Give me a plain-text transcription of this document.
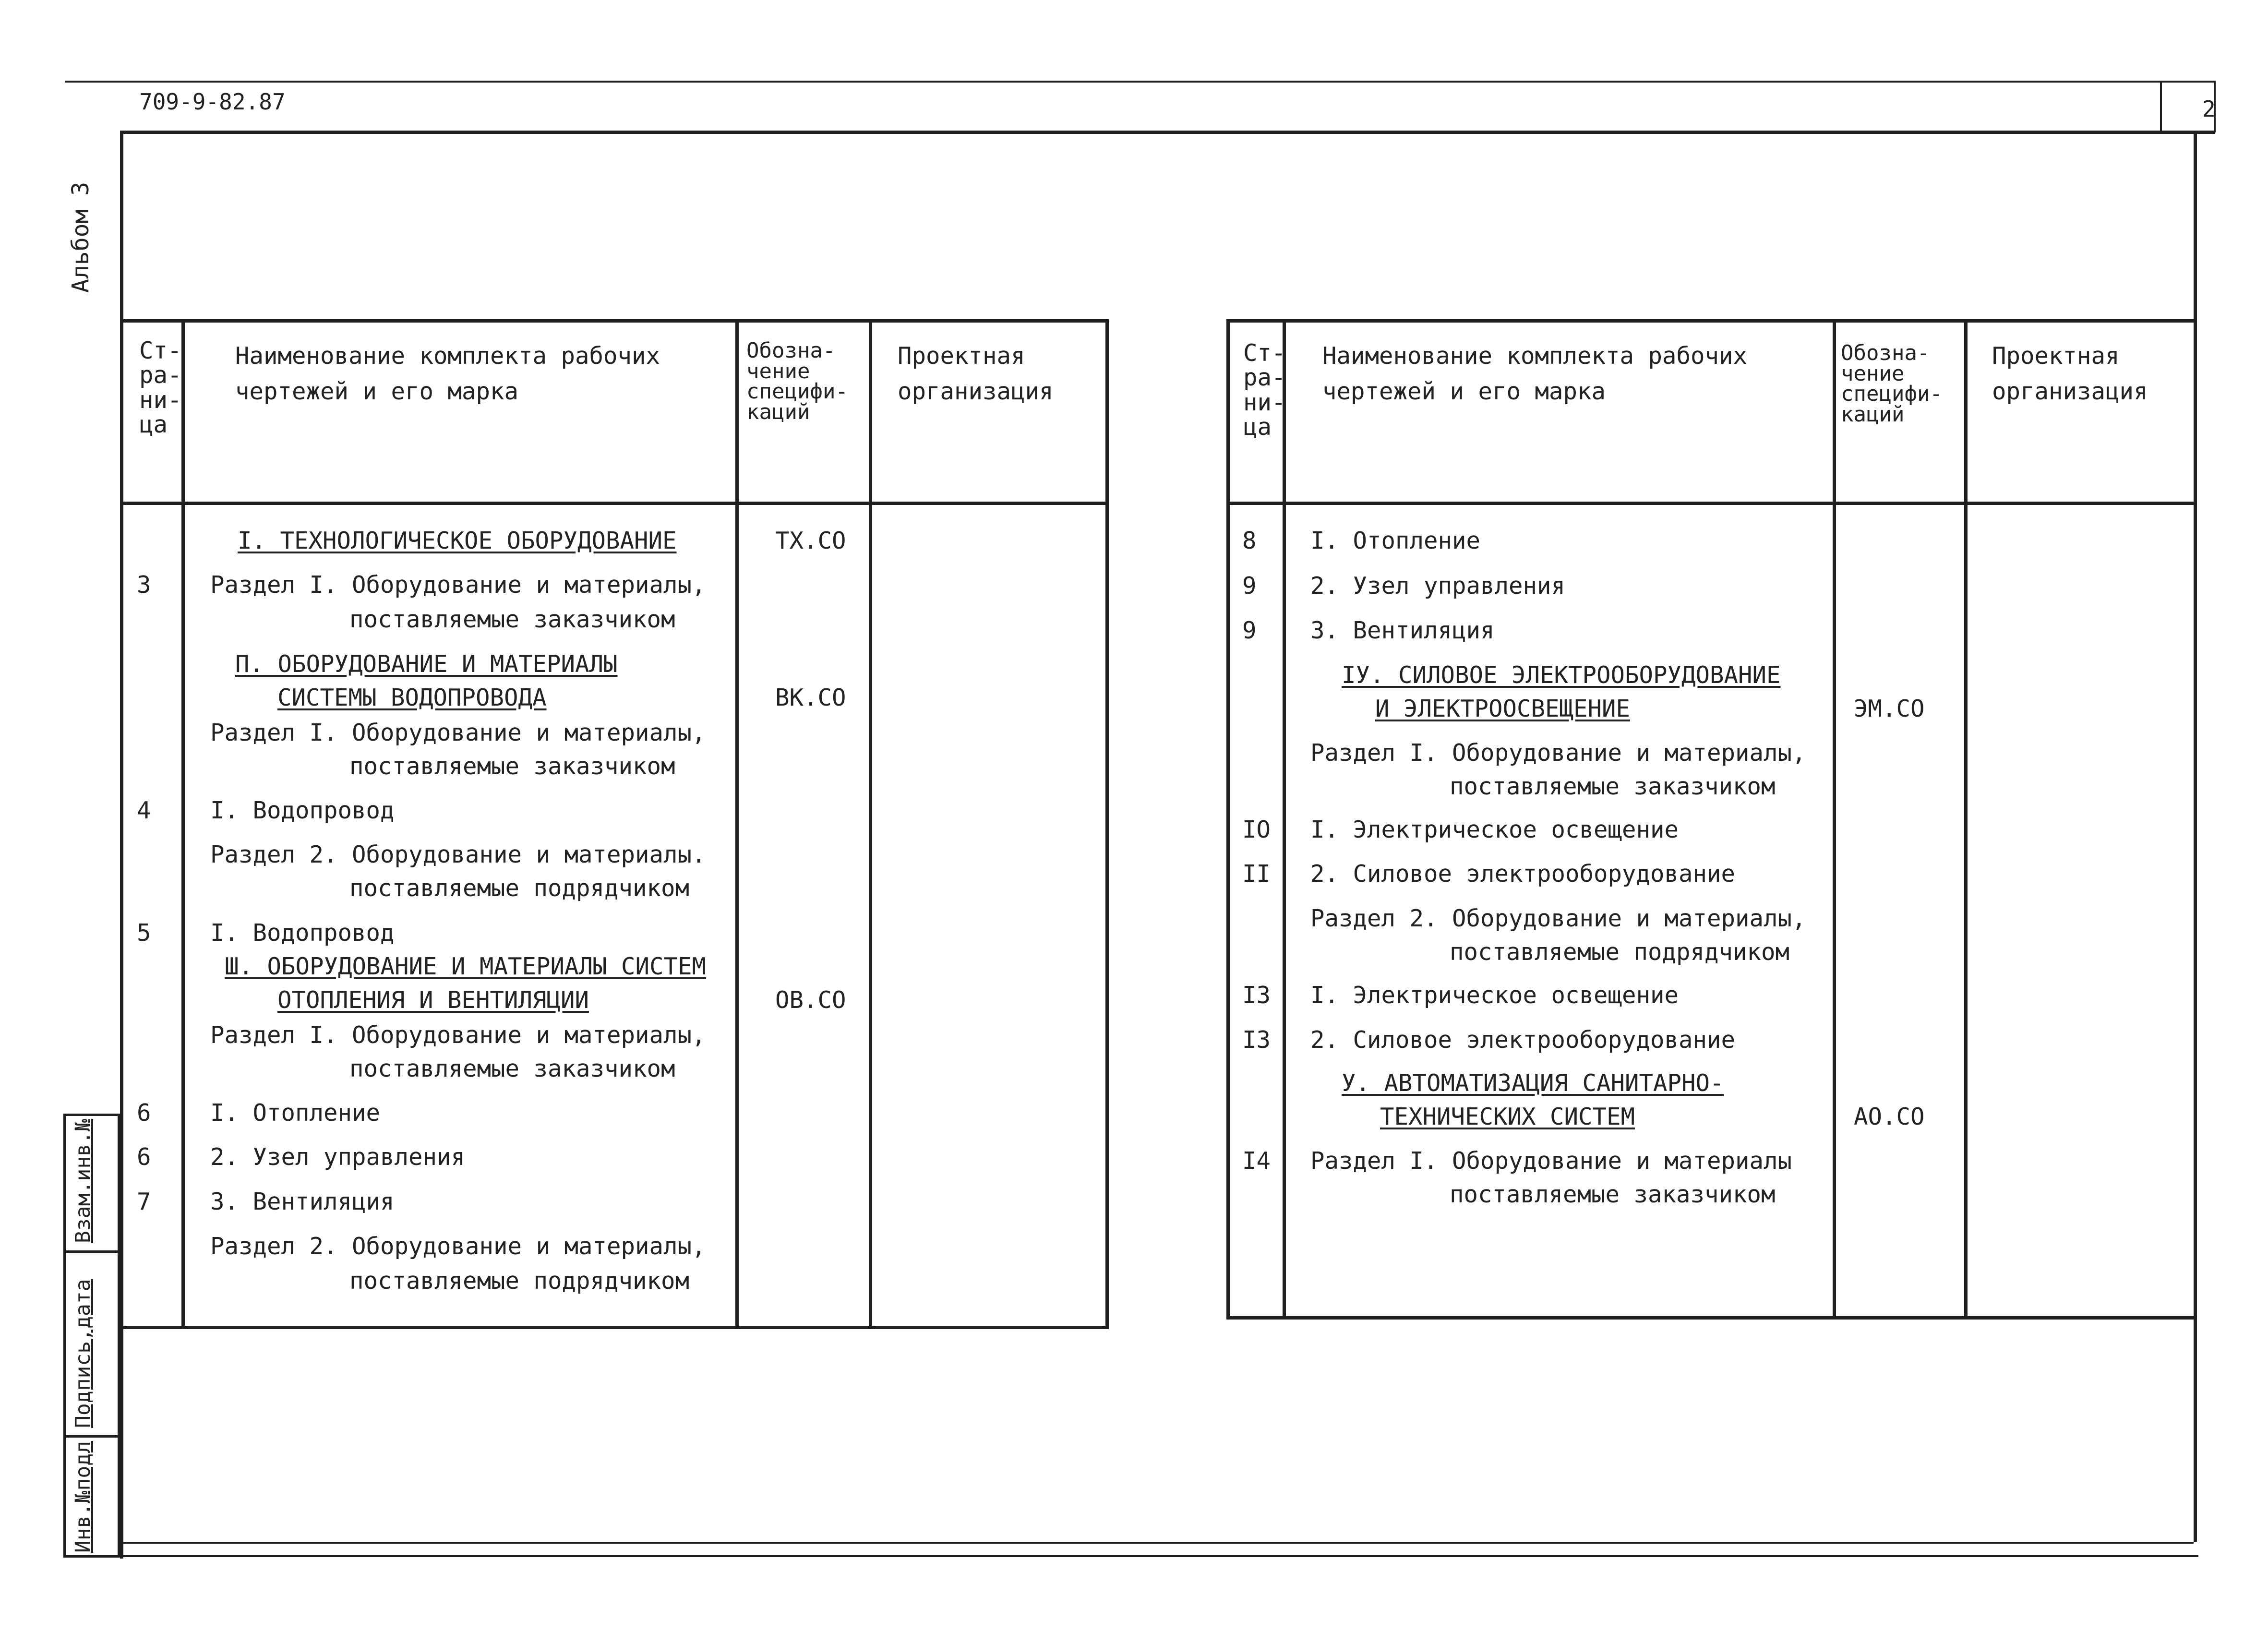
709-9-82.87	2
Альбом 3
Ст-
ра-
ни-
ца
Наименование комплекта рабочих
чертежей и его марка
Обозна-
чение
специфи-
каций
Проектная
организация
I. ТЕХНОЛОГИЧЕСКОЕ ОБОРУДОВАНИЕ	ТХ.СО
3	Раздел I. Оборудование и материалы,
поставляемые заказчиком
П. ОБОРУДОВАНИЕ И МАТЕРИАЛЫ
СИСТЕМЫ ВОДОПРОВОДА	ВК.СО
Раздел I. Оборудование и материалы,
поставляемые заказчиком
4	I. Водопровод
Раздел 2. Оборудование и материалы.
поставляемые подрядчиком
5	I. Водопровод
Ш. ОБОРУДОВАНИЕ И МАТЕРИАЛЫ СИСТЕМ
ОТОПЛЕНИЯ И ВЕНТИЛЯЦИИ	ОВ.СО
Раздел I. Оборудование и материалы,
поставляемые заказчиком
6	I. Отопление
6	2. Узел управления
7	3. Вентиляция
Раздел 2. Оборудование и материалы,
поставляемые подрядчиком
Ст-
ра-
ни-
ца
Наименование комплекта рабочих
чертежей и его марка
Обозна-
чение
специфи-
каций
Проектная
организация
8 I. Отопление
9 2. Узел управления
9 3. Вентиляция
IУ. СИЛОВОЕ ЭЛЕКТРООБОРУДОВАНИЕ
И ЭЛЕКТРООСВЕЩЕНИЕ	ЭМ.СО
Раздел I. Оборудование и материалы,
поставляемые заказчиком
IO I. Электрическое освещение
II 2. Силовое электрооборудование
Раздел 2. Оборудование и материалы,
поставляемые подрядчиком
I3 I. Электрическое освещение
I3 2. Силовое электрооборудование
У. АВТОМАТИЗАЦИЯ САНИТАРНО-
ТЕХНИЧЕСКИХ СИСТЕМ	АО.СО
I4 Раздел I. Оборудование и материалы
поставляемые заказчиком
Взам.инв.№
Подпись,дата
Инв.№подл
